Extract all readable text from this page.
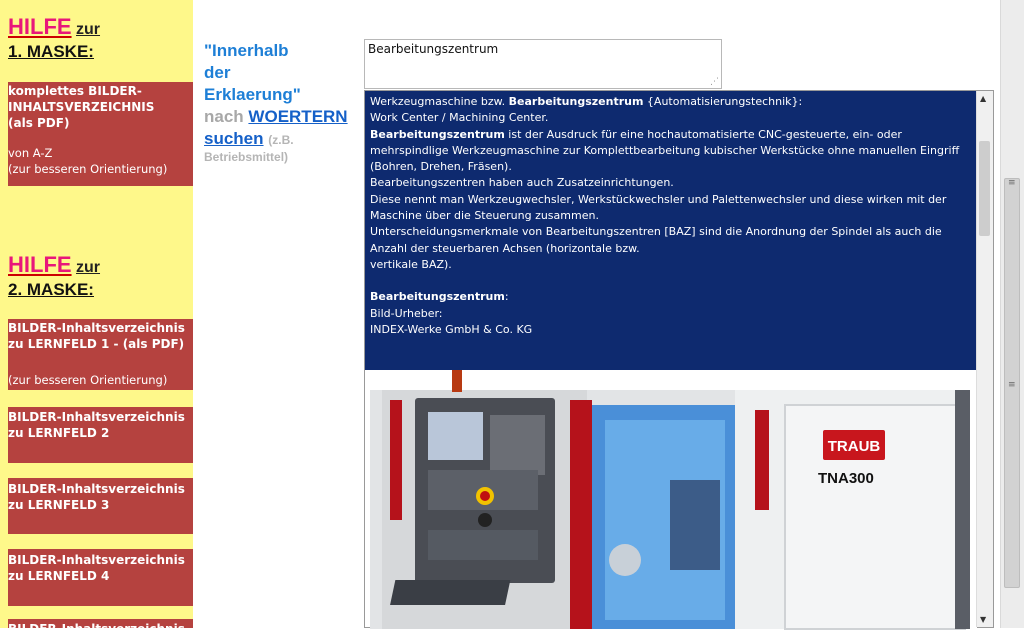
HILFE zur
1. MASKE:
komplettes BILDER-
INHALTSVERZEICHNIS
(als PDF)
von A-Z
(zur besseren Orientierung)
HILFE zur
2. MASKE:
BILDER-Inhaltsverzeichnis
zu LERNFELD 1 - (als PDF)
(zur besseren Orientierung)
BILDER-Inhaltsverzeichnis
zu LERNFELD 2
BILDER-Inhaltsverzeichnis
zu LERNFELD 3
BILDER-Inhaltsverzeichnis
zu LERNFELD 4
BILDER-Inhaltsverzeichnis
"Innerhalb
der
Erklaerung"
nach WOERTERN
suchen (z.B.
Betriebsmittel)
Bearbeitungszentrum
⋰

Werkzeugmaschine bzw. Bearbeitungszentrum {Automatisierungstechnik}:

Work Center / Machining Center.

Bearbeitungszentrum ist der Ausdruck für eine hochautomatisierte CNC-gesteuerte, ein- oder mehrspindlige Werkzeugmaschine zur Komplettbearbeitung kubischer Werkstücke ohne manuellen Eingriff (Bohren, Drehen, Fräsen).

Bearbeitungszentren haben auch Zusatzeinrichtungen.

Diese nennt man Werkzeugwechsler, Werkstückwechsler und Palettenwechsler und diese wirken mit der Maschine über die Steuerung zusammen.

Unterscheidungsmerkmale von Bearbeitungszentren [BAZ] sind die Anordnung der Spindel als auch die Anzahl der steuerbaren Achsen (horizontale bzw.

vertikale BAZ).

Bearbeitungszentrum:

Bild-Urheber:

INDEX-Werke GmbH & Co. KG

TRAUB
TNA300
▲
▼
≡
≡
